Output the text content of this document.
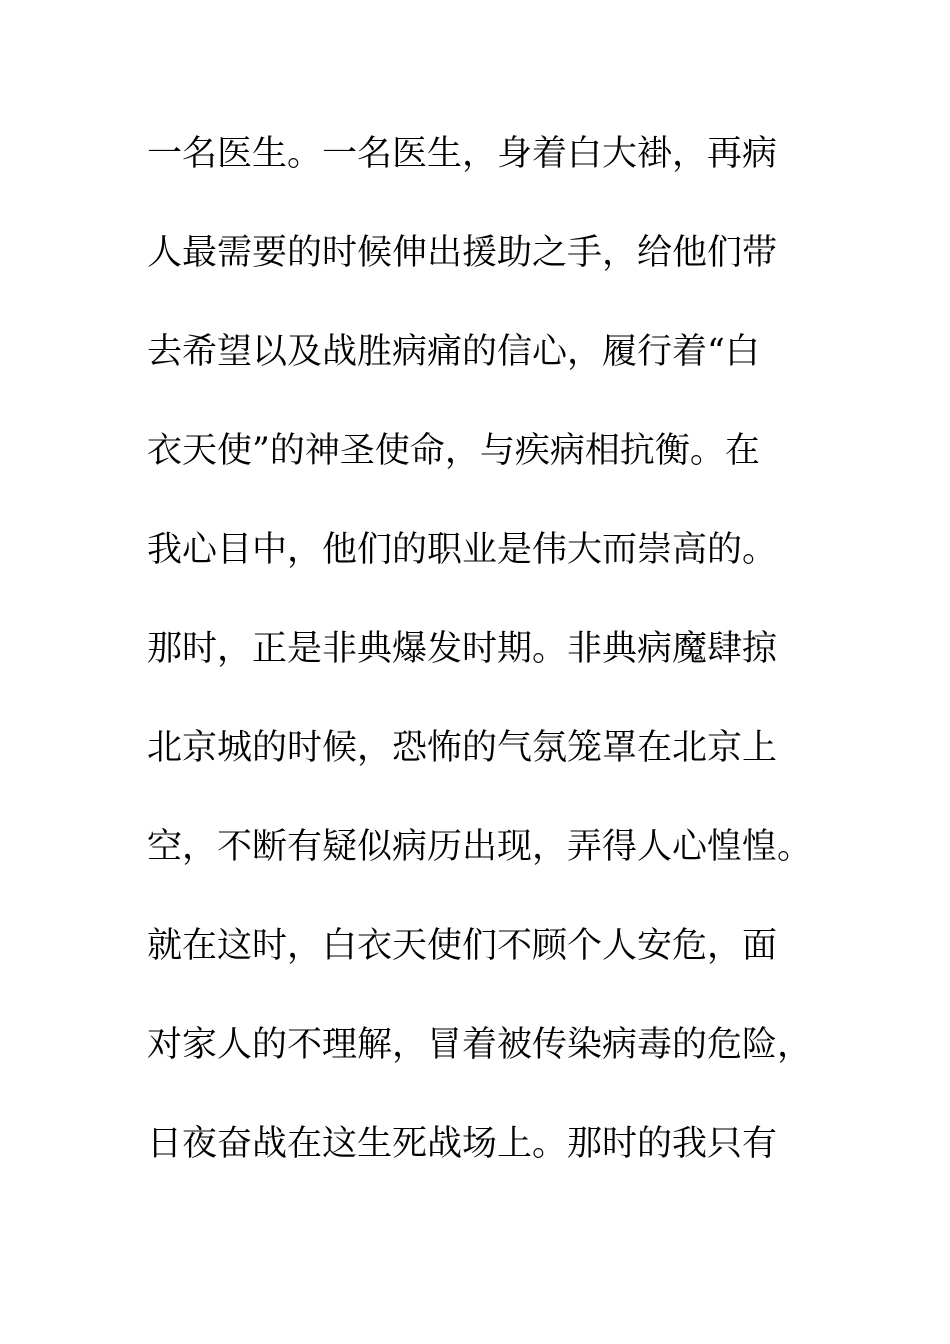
一名医生。一名医生，身着白大褂，再病
人最需要的时候伸出援助之手，给他们带
去希望以及战胜病痛的信心，履行着“白
衣天使”的神圣使命，与疾病相抗衡。在
我心目中，他们的职业是伟大而崇高的。
那时，正是非典爆发时期。非典病魔肆掠
北京城的时候，恐怖的气氛笼罩在北京上
空，不断有疑似病历出现，弄得人心惶惶。
就在这时，白衣天使们不顾个人安危，面
对家人的不理解，冒着被传染病毒的危险，
日夜奋战在这生死战场上。那时的我只有
